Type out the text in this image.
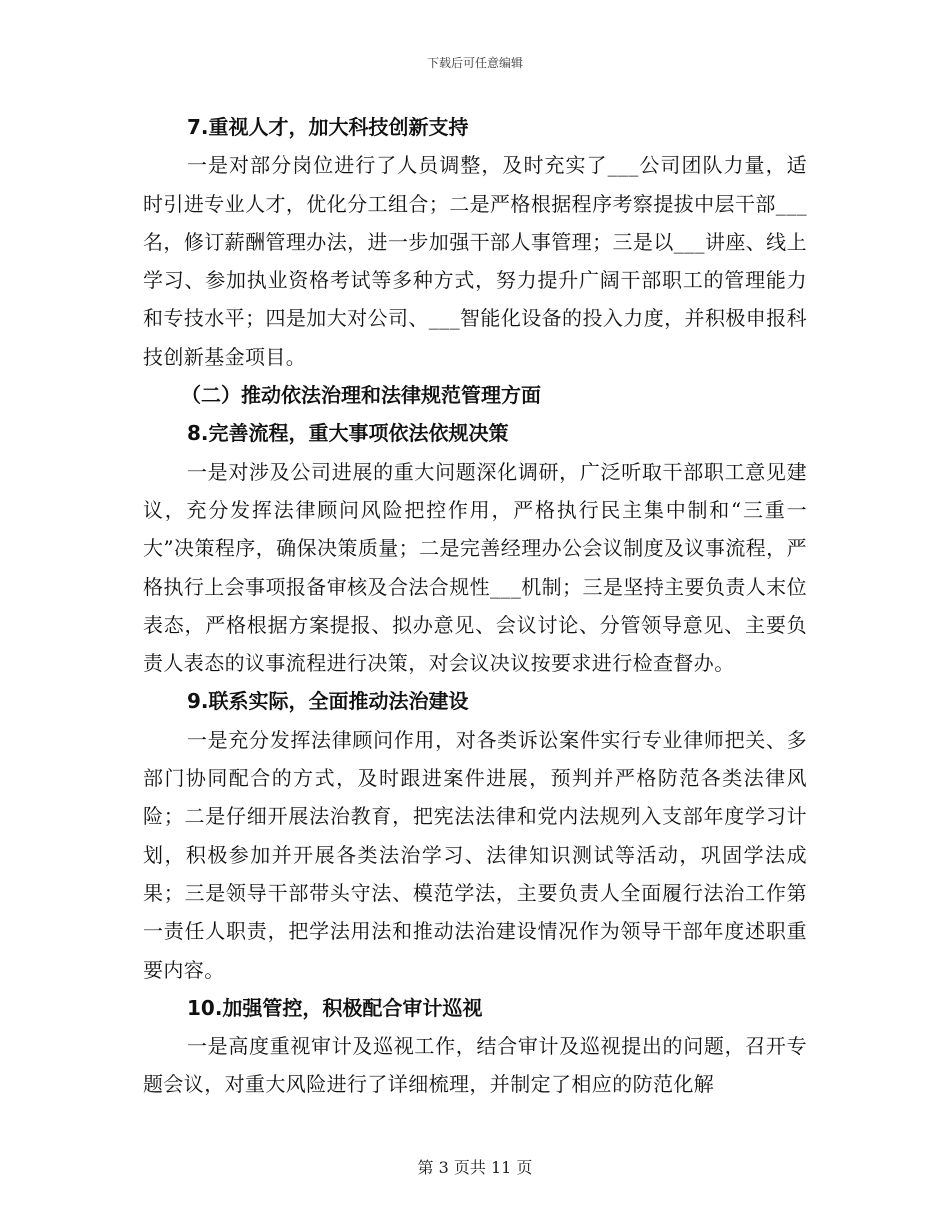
下载后可任意编辑

7.重视人才，加大科技创新支持

一是对部分岗位进行了人员调整，及时充实了___公司团队力量，适时引进专业人才，优化分工组合；二是严格根据程序考察提拔中层干部___名，修订薪酬管理办法，进一步加强干部人事管理；三是以___讲座、线上学习、参加执业资格考试等多种方式，努力提升广阔干部职工的管理能力和专技水平；四是加大对公司、___智能化设备的投入力度，并积极申报科技创新基金项目。

（二）推动依法治理和法律规范管理方面

8.完善流程，重大事项依法依规决策

一是对涉及公司进展的重大问题深化调研，广泛听取干部职工意见建议，充分发挥法律顾问风险把控作用，严格执行民主集中制和“三重一大”决策程序，确保决策质量；二是完善经理办公会议制度及议事流程，严格执行上会事项报备审核及合法合规性___机制；三是坚持主要负责人末位表态，严格根据方案提报、拟办意见、会议讨论、分管领导意见、主要负责人表态的议事流程进行决策，对会议决议按要求进行检查督办。

9.联系实际，全面推动法治建设

一是充分发挥法律顾问作用，对各类诉讼案件实行专业律师把关、多部门协同配合的方式，及时跟进案件进展，预判并严格防范各类法律风险；二是仔细开展法治教育，把宪法法律和党内法规列入支部年度学习计划，积极参加并开展各类法治学习、法律知识测试等活动，巩固学法成果；三是领导干部带头守法、模范学法，主要负责人全面履行法治工作第一责任人职责，把学法用法和推动法治建设情况作为领导干部年度述职重要内容。

10.加强管控，积极配合审计巡视

一是高度重视审计及巡视工作，结合审计及巡视提出的问题，召开专题会议，对重大风险进行了详细梳理，并制定了相应的防范化解

第 3 页共 11 页
